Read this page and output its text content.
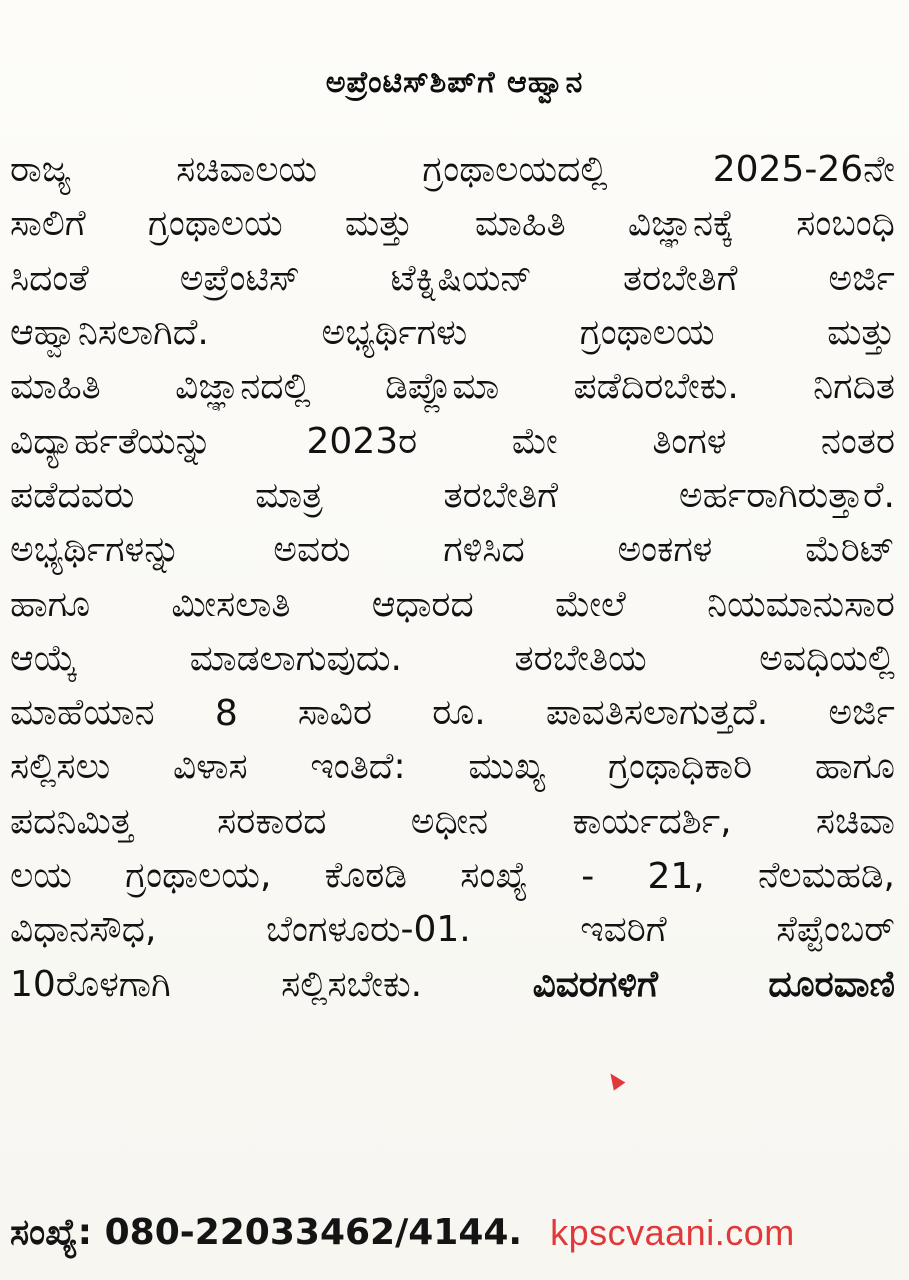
ಅಪ್ರೆಂಟಿಸ್‌ಶಿಪ್‌ಗೆ ಆಹ್ವಾನ
ರಾಜ್ಯ	ಸಚಿವಾಲಯ	ಗ್ರಂಥಾಲಯದಲ್ಲಿ	2025-26ನೇ
ಸಾಲಿಗೆ ಗ್ರಂಥಾಲಯ ಮತ್ತು ಮಾಹಿತಿ ವಿಜ್ಞಾನಕ್ಕೆ ಸಂಬಂಧಿ
ಸಿದಂತೆ	ಅಪ್ರೆಂಟಿಸ್	ಟೆಕ್ನಿಷಿಯನ್	ತರಬೇತಿಗೆ	ಅರ್ಜಿ
ಆಹ್ವಾನಿಸಲಾಗಿದೆ.	ಅಭ್ಯರ್ಥಿಗಳು	ಗ್ರಂಥಾಲಯ	ಮತ್ತು
ಮಾಹಿತಿ ವಿಜ್ಞಾನದಲ್ಲಿ ಡಿಪ್ಲೊಮಾ ಪಡೆದಿರಬೇಕು. ನಿಗದಿತ
ವಿದ್ಯಾರ್ಹತೆಯನ್ನು	2023ರ	ಮೇ	ತಿಂಗಳ	ನಂತರ
ಪಡೆದವರು	ಮಾತ್ರ	ತರಬೇತಿಗೆ	ಅರ್ಹರಾಗಿರುತ್ತಾರೆ.
ಅಭ್ಯರ್ಥಿಗಳನ್ನು	ಅವರು	ಗಳಿಸಿದ	ಅಂಕಗಳ	ಮೆರಿಟ್
ಹಾಗೂ ಮೀಸಲಾತಿ ಆಧಾರದ ಮೇಲೆ ನಿಯಮಾನುಸಾರ
ಆಯ್ಕೆ	ಮಾಡಲಾಗುವುದು.	ತರಬೇತಿಯ	ಅವಧಿಯಲ್ಲಿ
ಮಾಹೆಯಾನ 8 ಸಾವಿರ ರೂ. ಪಾವತಿಸಲಾಗುತ್ತದೆ. ಅರ್ಜಿ
ಸಲ್ಲಿಸಲು ವಿಳಾಸ ಇಂತಿದೆ: ಮುಖ್ಯ ಗ್ರಂಥಾಧಿಕಾರಿ ಹಾಗೂ
ಪದನಿಮಿತ್ತ ಸರಕಾರದ ಅಧೀನ ಕಾರ್ಯದರ್ಶಿ, ಸಚಿವಾ
ಲಯ ಗ್ರಂಥಾಲಯ, ಕೊಠಡಿ ಸಂಖ್ಯೆ - 21, ನೆಲಮಹಡಿ,
ವಿಧಾನಸೌಧ,	ಬೆಂಗಳೂರು-01.	ಇವರಿಗೆ	ಸೆಪ್ಟೆಂಬರ್
10ರೊಳಗಾಗಿ	ಸಲ್ಲಿಸಬೇಕು.	ವಿವರಗಳಿಗೆ	ದೂರವಾಣಿ
ಸಂಖ್ಯೆ: 080-22033462/4144. kpscvaani.com
